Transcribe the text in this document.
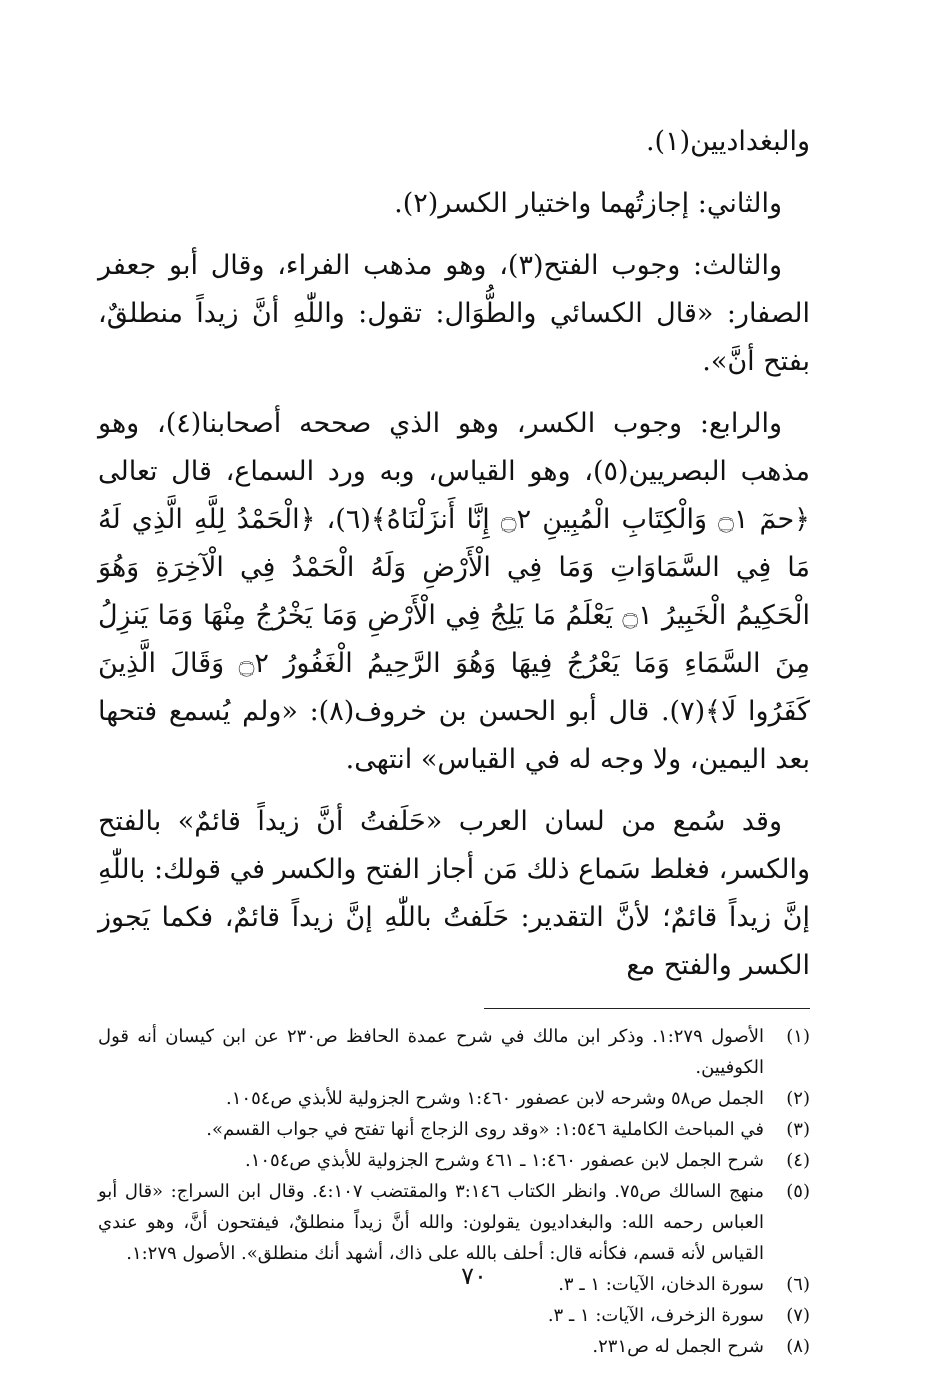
والبغداديين(١).

والثاني: إجازتُهما واختيار الكسر(٢).

والثالث: وجوب الفتح(٣)، وهو مذهب الفراء، وقال أبو جعفر الصفار: «قال الكسائي والطُّوَال: تقول: واللّٰهِ أنَّ زيداً منطلقٌ، بفتح أنَّ».

والرابع: وجوب الكسر، وهو الذي صححه أصحابنا(٤)، وهو مذهب البصريين(٥)، وهو القياس، وبه ورد السماع، قال تعالى ﴿حمٓ ۝١ وَالْكِتَابِ الْمُبِينِ ۝٢ إِنَّا أَنزَلْنَاهُ﴾(٦)، ﴿الْحَمْدُ لِلَّهِ الَّذِي لَهُ مَا فِي السَّمَاوَاتِ وَمَا فِي الْأَرْضِ وَلَهُ الْحَمْدُ فِي الْآخِرَةِ وَهُوَ الْحَكِيمُ الْخَبِيرُ ۝١ يَعْلَمُ مَا يَلِجُ فِي الْأَرْضِ وَمَا يَخْرُجُ مِنْهَا وَمَا يَنزِلُ مِنَ السَّمَاءِ وَمَا يَعْرُجُ فِيهَا وَهُوَ الرَّحِيمُ الْغَفُورُ ۝٢ وَقَالَ الَّذِينَ كَفَرُوا لَا﴾(٧). قال أبو الحسن بن خروف(٨): «ولم يُسمع فتحها بعد اليمين، ولا وجه له في القياس» انتهى.

وقد سُمع من لسان العرب «حَلَفتُ أنَّ زيداً قائمٌ» بالفتح والكسر، فغلط سَماع ذلك مَن أجاز الفتح والكسر في قولك: باللّٰهِ إنَّ زيداً قائمٌ؛ لأنَّ التقدير: حَلَفتُ باللّٰهِ إنَّ زيداً قائمٌ، فكما يَجوز الكسر والفتح مع

(١)
الأصول ١:٢٧٩. وذكر ابن مالك في شرح عمدة الحافظ ص٢٣٠ عن ابن كيسان أنه قول الكوفيين.
(٢)
الجمل ص٥٨ وشرحه لابن عصفور ١:٤٦٠ وشرح الجزولية للأبذي ص١٠٥٤.
(٣)
في المباحث الكاملية ١:٥٤٦: «وقد روى الزجاج أنها تفتح في جواب القسم».
(٤)
شرح الجمل لابن عصفور ١:٤٦٠ ـ ٤٦١ وشرح الجزولية للأبذي ص١٠٥٤.
(٥)
منهج السالك ص٧٥. وانظر الكتاب ٣:١٤٦ والمقتضب ٤:١٠٧. وقال ابن السراج: «قال أبو العباس رحمه الله: والبغداديون يقولون: والله أنَّ زيداً منطلقٌ، فيفتحون أنَّ، وهو عندي القياس لأنه قسم، فكأنه قال: أحلف بالله على ذاك، أشهد أنك منطلق». الأصول ١:٢٧٩.
(٦)
سورة الدخان، الآيات: ١ ـ ٣.
(٧)
سورة الزخرف، الآيات: ١ ـ ٣.
(٨)
شرح الجمل له ص٢٣١.
٧٠
